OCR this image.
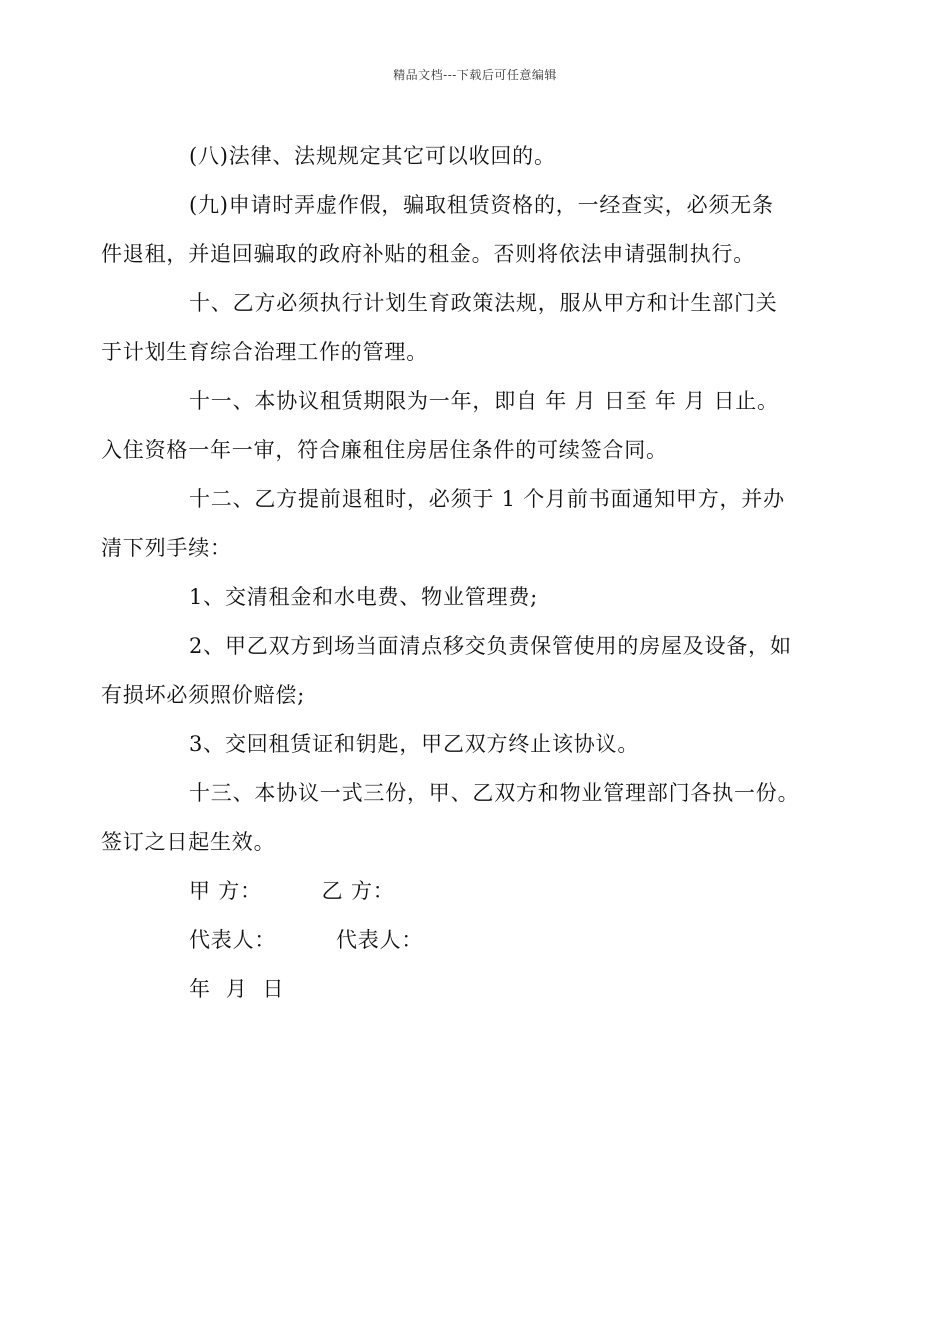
精品文档---下载后可任意编辑

(八)法律、法规规定其它可以收回的。

(九)申请时弄虚作假，骗取租赁资格的，一经查实，必须无条
件退租，并追回骗取的政府补贴的租金。否则将依法申请强制执行。

十、乙方必须执行计划生育政策法规，服从甲方和计生部门关
于计划生育综合治理工作的管理。

十一、本协议租赁期限为一年，即自 年 月 日至 年 月 日止。
入住资格一年一审，符合廉租住房居住条件的可续签合同。

十二、乙方提前退租时，必须于 1 个月前书面通知甲方，并办
清下列手续：

1、交清租金和水电费、物业管理费;

2、甲乙双方到场当面清点移交负责保管使用的房屋及设备，如
有损坏必须照价赔偿;

3、交回租赁证和钥匙，甲乙双方终止该协议。

十三、本协议一式三份，甲、乙双方和物业管理部门各执一份。
签订之日起生效。

甲 方：        乙 方：

代表人：        代表人：

年  月  日
